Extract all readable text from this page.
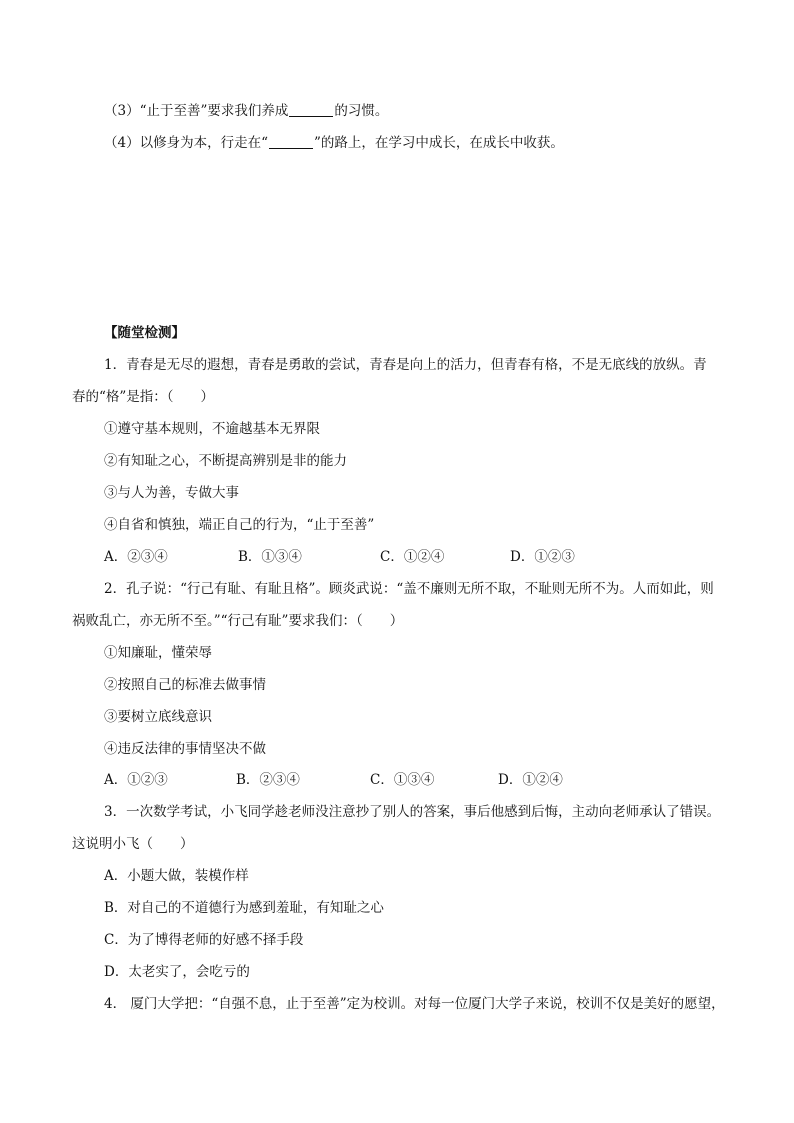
（3）“止于至善”要求我们养成	的习惯。
（4）以修身为本，行走在“	”的路上，在学习中成长，在成长中收获。
【随堂检测】
1．青春是无尽的遐想，青春是勇敢的尝试，青春是向上的活力，但青春有格，不是无底线的放纵。青
春的“格”是指：（　　）
①遵守基本规则，不逾越基本无界限
②有知耻之心，不断提高辨别是非的能力
③与人为善，专做大事
④自省和慎独，端正自己的行为，“止于至善”
A．②③④	B．①③④	C．①②④	D．①②③
2．孔子说：“行己有耻、有耻且格”。顾炎武说：“盖不廉则无所不取，不耻则无所不为。人而如此，则
祸败乱亡，亦无所不至。”“行己有耻”要求我们：（　　）
①知廉耻，懂荣辱
②按照自己的标准去做事情
③要树立底线意识
④违反法律的事情坚决不做
A．①②③	B．②③④	C．①③④	D．①②④
3．一次数学考试，小飞同学趁老师没注意抄了别人的答案，事后他感到后悔，主动向老师承认了错误。
这说明小飞（　　）
A．小题大做，装模作样
B．对自己的不道德行为感到羞耻，有知耻之心
C．为了博得老师的好感不择手段
D．太老实了，会吃亏的
4． 厦门大学把：“自强不息，止于至善”定为校训。对每一位厦门大学子来说，校训不仅是美好的愿望，
